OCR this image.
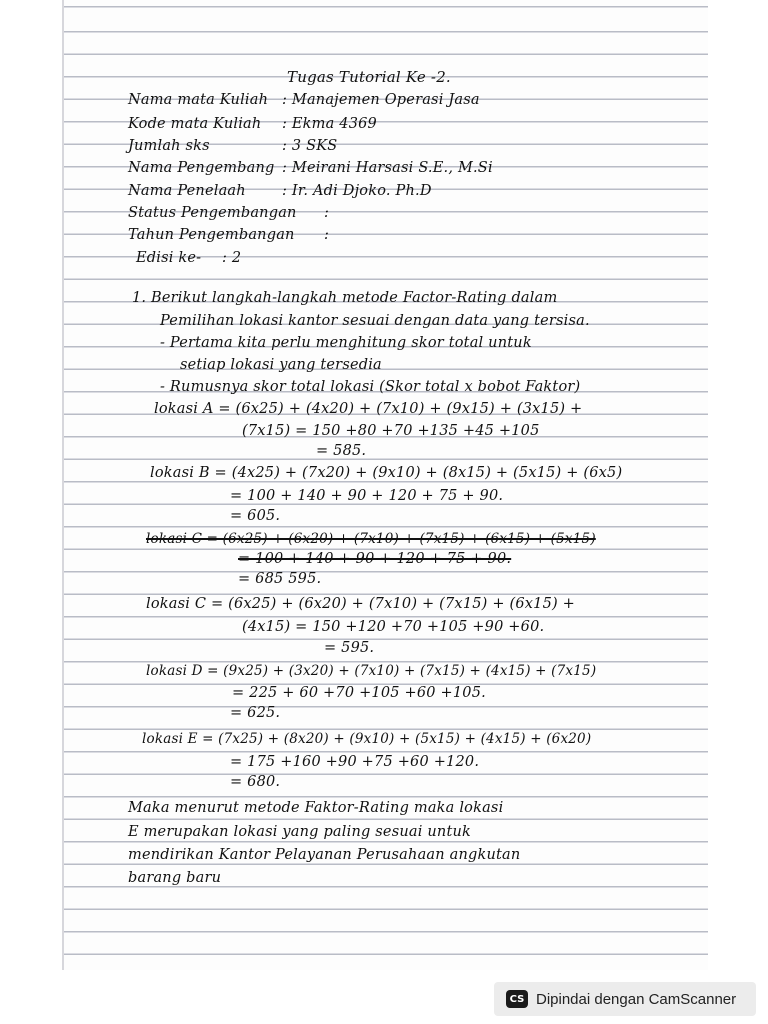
Tugas Tutorial Ke -2.
Nama mata Kuliah : Manajemen Operasi Jasa
Kode mata Kuliah : Ekma 4369
Jumlah sks	: 3 SKS
Nama Pengembang : Meirani Harsasi S.E., M.Si
Nama Penelaah : Ir. Adi Djoko. Ph.D
Status Pengembangan :
Tahun Pengembangan :
Edisi ke- : 2
1. Berikut langkah-langkah metode Factor-Rating dalam
Pemilihan lokasi kantor sesuai dengan data yang tersisa.
- Pertama kita perlu menghitung skor total untuk
setiap lokasi yang tersedia
- Rumusnya skor total lokasi (Skor total x bobot Faktor)
lokasi A = (6x25) + (4x20) + (7x10) + (9x15) + (3x15) +
(7x15) = 150 +80 +70 +135 +45 +105
= 585.
lokasi B = (4x25) + (7x20) + (9x10) + (8x15) + (5x15) + (6x5)
= 100 + 140 + 90 + 120 + 75 + 90.
= 605.
lokasi C = (6x25) + (6x20) + (7x10) + (7x15) + (6x15) + (5x15)
= 100 + 140 + 90 + 120 + 75 + 90.
= 685 595.
lokasi C = (6x25) + (6x20) + (7x10) + (7x15) + (6x15) +
(4x15) = 150 +120 +70 +105 +90 +60.
= 595.
lokasi D = (9x25) + (3x20) + (7x10) + (7x15) + (4x15) + (7x15)
= 225 + 60 +70 +105 +60 +105.
= 625.
lokasi E = (7x25) + (8x20) + (9x10) + (5x15) + (4x15) + (6x20)
= 175 +160 +90 +75 +60 +120.
= 680.
Maka menurut metode Faktor-Rating maka lokasi
E merupakan lokasi yang paling sesuai untuk
mendirikan Kantor Pelayanan Perusahaan angkutan
barang baru
CS Dipindai dengan CamScanner
